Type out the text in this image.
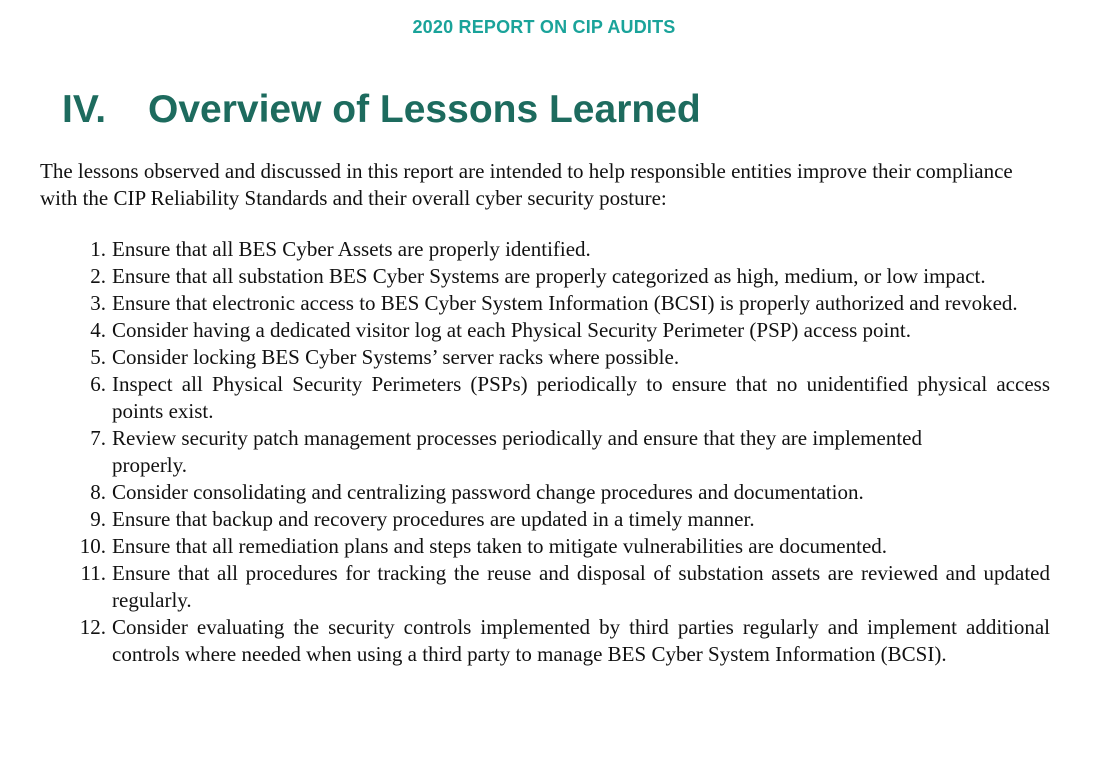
2020 REPORT ON CIP AUDITS

IV. Overview of Lessons Learned

The lessons observed and discussed in this report are intended to help responsible entities improve their compliance with the CIP Reliability Standards and their overall cyber security posture:

1. Ensure that all BES Cyber Assets are properly identified.
2. Ensure that all substation BES Cyber Systems are properly categorized as high, medium, or low impact.
3. Ensure that electronic access to BES Cyber System Information (BCSI) is properly authorized and revoked.
4. Consider having a dedicated visitor log at each Physical Security Perimeter (PSP) access point.
5. Consider locking BES Cyber Systems’ server racks where possible.
6. Inspect all Physical Security Perimeters (PSPs) periodically to ensure that no unidentified physical access points exist.
7. Review security patch management processes periodically and ensure that they are implemented properly.
8. Consider consolidating and centralizing password change procedures and documentation.
9. Ensure that backup and recovery procedures are updated in a timely manner.
10. Ensure that all remediation plans and steps taken to mitigate vulnerabilities are documented.
11. Ensure that all procedures for tracking the reuse and disposal of substation assets are reviewed and updated regularly.
12. Consider evaluating the security controls implemented by third parties regularly and implement additional controls where needed when using a third party to manage BES Cyber System Information (BCSI).
